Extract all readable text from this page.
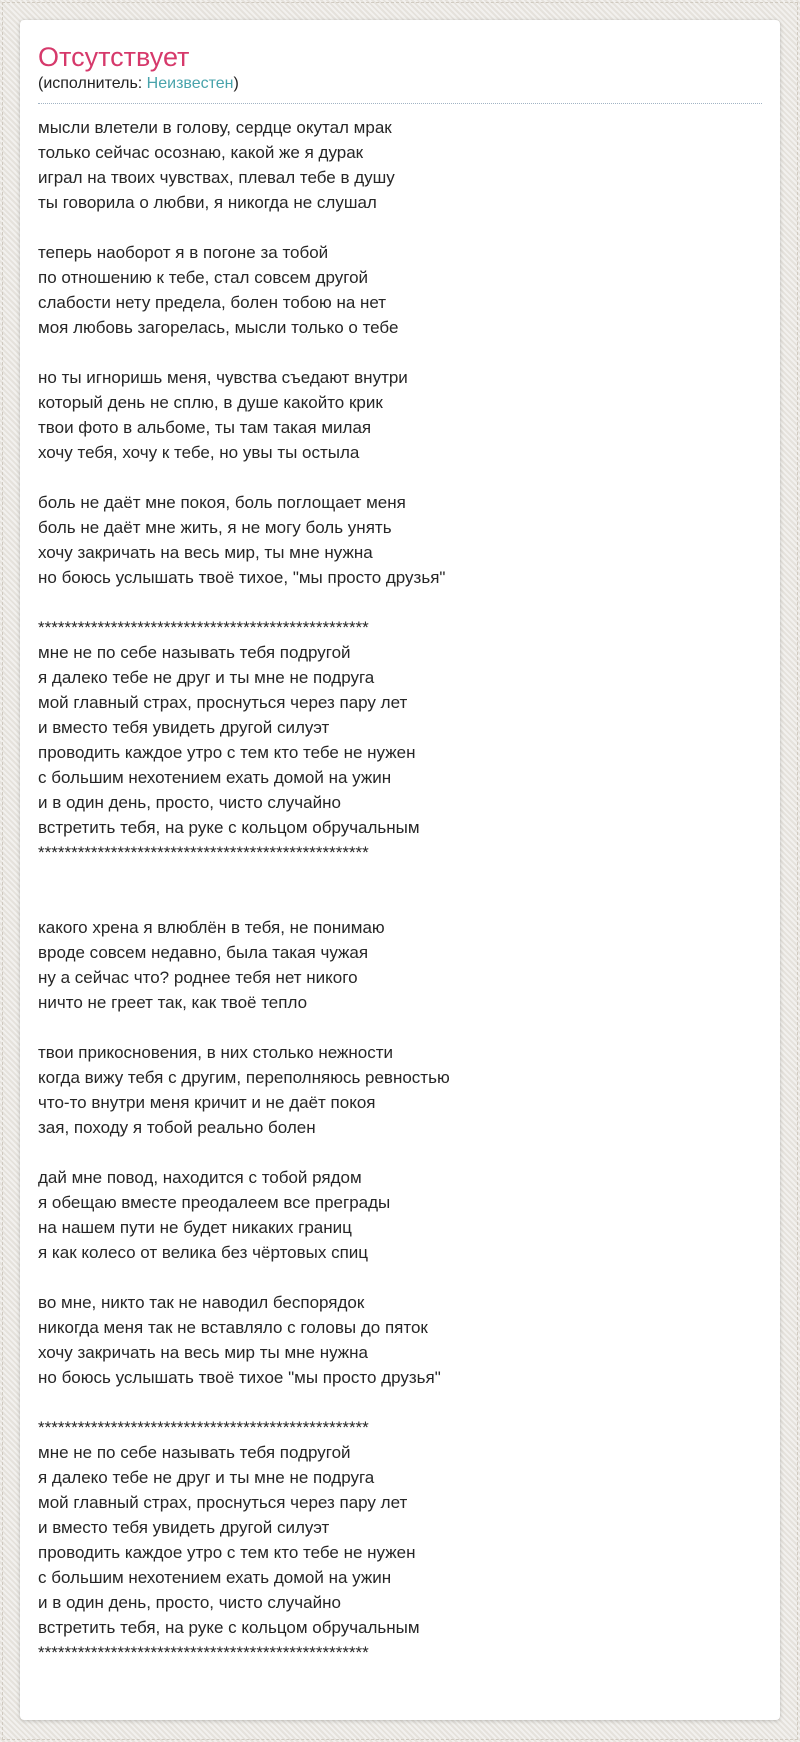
Отсутствует
(исполнитель: Неизвестен)
мысли влетели в голову, сердце окутал мрак
только сейчас осознаю, какой же я дурак
играл на твоих чувствах, плевал тебе в душу
ты говорила о любви, я никогда не слушал

теперь наоборот я в погоне за тобой
по отношению к тебе, стал совсем другой
слабости нету предела, болен тобою на нет
моя любовь загорелась, мысли только о тебе

но ты игноришь меня, чувства съедают внутри
который день не сплю, в душе какойто крик
твои фото в альбоме, ты там такая милая
хочу тебя, хочу к тебе, но увы ты остыла

боль не даёт мне покоя, боль поглощает меня
боль не даёт мне жить, я не могу боль унять
хочу закричать на весь мир, ты мне нужна
но боюсь услышать твоё тихое, "мы просто друзья"

**************************************************
мне не по себе называть тебя подругой
я далеко тебе не друг и ты мне не подруга
мой главный страх, проснуться через пару лет
и вместо тебя увидеть другой силуэт
проводить каждое утро с тем кто тебе не нужен
с большим нехотением ехать домой на ужин
и в один день, просто, чисто случайно
встретить тебя, на руке с кольцом обручальным
**************************************************

какого хрена я влюблён в тебя, не понимаю
вроде совсем недавно, была такая чужая
ну а сейчас что? роднее тебя нет никого
ничто не греет так, как твоё тепло

твои прикосновения, в них столько нежности
когда вижу тебя с другим, переполняюсь ревностью
что-то внутри меня кричит и не даёт покоя
зая, походу я тобой реально болен

дай мне повод, находится с тобой рядом
я обещаю вместе преодалеем все преграды
на нашем пути не будет никаких границ
я как колесо от велика без чёртовых спиц

во мне, никто так не наводил беспорядок
никогда меня так не вставляло с головы до пяток
хочу закричать на весь мир ты мне нужна
но боюсь услышать твоё тихое "мы просто друзья"

**************************************************
мне не по себе называть тебя подругой
я далеко тебе не друг и ты мне не подруга
мой главный страх, проснуться через пару лет
и вместо тебя увидеть другой силуэт
проводить каждое утро с тем кто тебе не нужен
с большим нехотением ехать домой на ужин
и в один день, просто, чисто случайно
встретить тебя, на руке с кольцом обручальным
**************************************************
